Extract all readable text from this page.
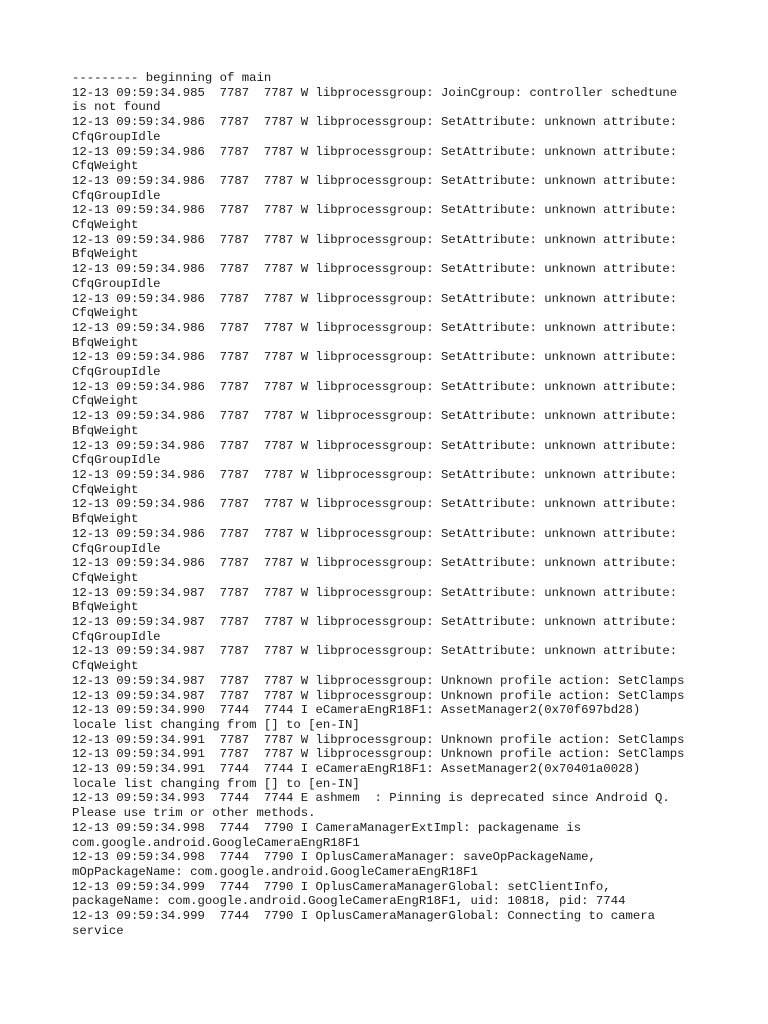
--------- beginning of main
12-13 09:59:34.985  7787  7787 W libprocessgroup: JoinCgroup: controller schedtune
is not found
12-13 09:59:34.986  7787  7787 W libprocessgroup: SetAttribute: unknown attribute:
CfqGroupIdle
12-13 09:59:34.986  7787  7787 W libprocessgroup: SetAttribute: unknown attribute:
CfqWeight
12-13 09:59:34.986  7787  7787 W libprocessgroup: SetAttribute: unknown attribute:
CfqGroupIdle
12-13 09:59:34.986  7787  7787 W libprocessgroup: SetAttribute: unknown attribute:
CfqWeight
12-13 09:59:34.986  7787  7787 W libprocessgroup: SetAttribute: unknown attribute:
BfqWeight
12-13 09:59:34.986  7787  7787 W libprocessgroup: SetAttribute: unknown attribute:
CfqGroupIdle
12-13 09:59:34.986  7787  7787 W libprocessgroup: SetAttribute: unknown attribute:
CfqWeight
12-13 09:59:34.986  7787  7787 W libprocessgroup: SetAttribute: unknown attribute:
BfqWeight
12-13 09:59:34.986  7787  7787 W libprocessgroup: SetAttribute: unknown attribute:
CfqGroupIdle
12-13 09:59:34.986  7787  7787 W libprocessgroup: SetAttribute: unknown attribute:
CfqWeight
12-13 09:59:34.986  7787  7787 W libprocessgroup: SetAttribute: unknown attribute:
BfqWeight
12-13 09:59:34.986  7787  7787 W libprocessgroup: SetAttribute: unknown attribute:
CfqGroupIdle
12-13 09:59:34.986  7787  7787 W libprocessgroup: SetAttribute: unknown attribute:
CfqWeight
12-13 09:59:34.986  7787  7787 W libprocessgroup: SetAttribute: unknown attribute:
BfqWeight
12-13 09:59:34.986  7787  7787 W libprocessgroup: SetAttribute: unknown attribute:
CfqGroupIdle
12-13 09:59:34.986  7787  7787 W libprocessgroup: SetAttribute: unknown attribute:
CfqWeight
12-13 09:59:34.987  7787  7787 W libprocessgroup: SetAttribute: unknown attribute:
BfqWeight
12-13 09:59:34.987  7787  7787 W libprocessgroup: SetAttribute: unknown attribute:
CfqGroupIdle
12-13 09:59:34.987  7787  7787 W libprocessgroup: SetAttribute: unknown attribute:
CfqWeight
12-13 09:59:34.987  7787  7787 W libprocessgroup: Unknown profile action: SetClamps
12-13 09:59:34.987  7787  7787 W libprocessgroup: Unknown profile action: SetClamps
12-13 09:59:34.990  7744  7744 I eCameraEngR18F1: AssetManager2(0x70f697bd28)
locale list changing from [] to [en-IN]
12-13 09:59:34.991  7787  7787 W libprocessgroup: Unknown profile action: SetClamps
12-13 09:59:34.991  7787  7787 W libprocessgroup: Unknown profile action: SetClamps
12-13 09:59:34.991  7744  7744 I eCameraEngR18F1: AssetManager2(0x70401a0028)
locale list changing from [] to [en-IN]
12-13 09:59:34.993  7744  7744 E ashmem  : Pinning is deprecated since Android Q.
Please use trim or other methods.
12-13 09:59:34.998  7744  7790 I CameraManagerExtImpl: packagename is
com.google.android.GoogleCameraEngR18F1
12-13 09:59:34.998  7744  7790 I OplusCameraManager: saveOpPackageName,
mOpPackageName: com.google.android.GoogleCameraEngR18F1
12-13 09:59:34.999  7744  7790 I OplusCameraManagerGlobal: setClientInfo,
packageName: com.google.android.GoogleCameraEngR18F1, uid: 10818, pid: 7744
12-13 09:59:34.999  7744  7790 I OplusCameraManagerGlobal: Connecting to camera
service
